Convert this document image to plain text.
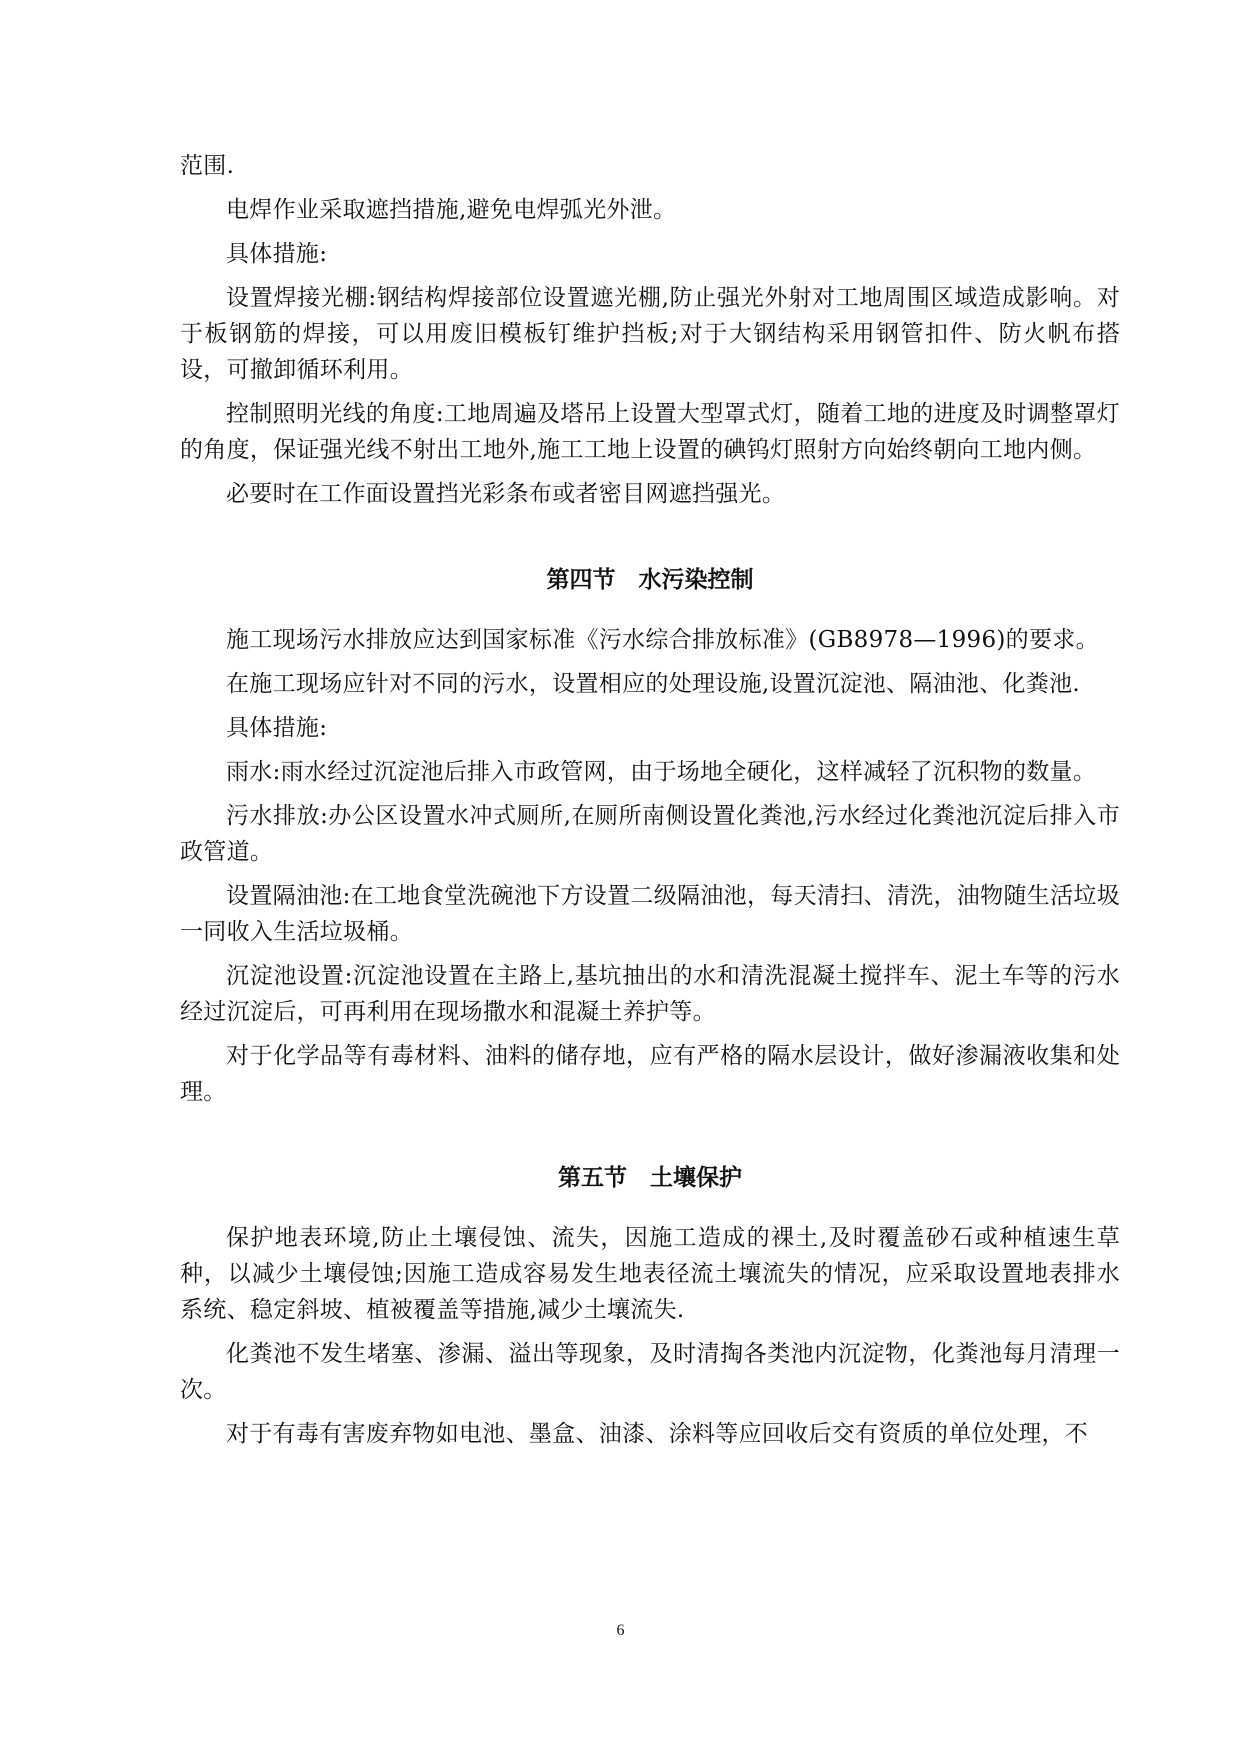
范围.

电焊作业采取遮挡措施,避免电焊弧光外泄。

具体措施:

设置焊接光棚:钢结构焊接部位设置遮光棚,防止强光外射对工地周围区域造成影响。对于板钢筋的焊接，可以用废旧模板钉维护挡板;对于大钢结构采用钢管扣件、防火帆布搭设，可撤卸循环利用。

控制照明光线的角度:工地周遍及塔吊上设置大型罩式灯，随着工地的进度及时调整罩灯的角度，保证强光线不射出工地外,施工工地上设置的碘钨灯照射方向始终朝向工地内侧。

必要时在工作面设置挡光彩条布或者密目网遮挡强光。

第四节　水污染控制

施工现场污水排放应达到国家标准《污水综合排放标准》(GB8978—1996)的要求。

在施工现场应针对不同的污水，设置相应的处理设施,设置沉淀池、隔油池、化粪池.

具体措施:

雨水:雨水经过沉淀池后排入市政管网，由于场地全硬化，这样减轻了沉积物的数量。

污水排放:办公区设置水冲式厕所,在厕所南侧设置化粪池,污水经过化粪池沉淀后排入市政管道。

设置隔油池:在工地食堂洗碗池下方设置二级隔油池，每天清扫、清洗，油物随生活垃圾一同收入生活垃圾桶。

沉淀池设置:沉淀池设置在主路上,基坑抽出的水和清洗混凝土搅拌车、泥土车等的污水经过沉淀后，可再利用在现场撒水和混凝土养护等。

对于化学品等有毒材料、油料的储存地，应有严格的隔水层设计，做好渗漏液收集和处理。

第五节　土壤保护

保护地表环境,防止土壤侵蚀、流失，因施工造成的裸土,及时覆盖砂石或种植速生草种，以减少土壤侵蚀;因施工造成容易发生地表径流土壤流失的情况，应采取设置地表排水系统、稳定斜坡、植被覆盖等措施,减少土壤流失.

化粪池不发生堵塞、渗漏、溢出等现象，及时清掏各类池内沉淀物，化粪池每月清理一次。

对于有毒有害废弃物如电池、墨盒、油漆、涂料等应回收后交有资质的单位处理，不

6
